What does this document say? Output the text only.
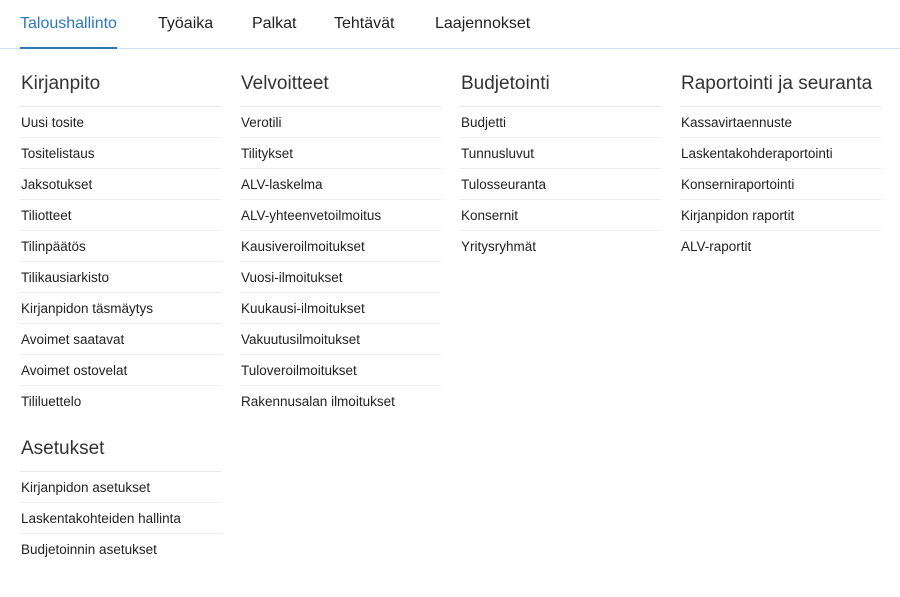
Taloushallinto	Työaika Palkat Tehtävät	Laajennokset
Kirjanpito
Uusi tosite
Tositelistaus
Jaksotukset
Tiliotteet
Tilinpäätös
Tilikausiarkisto
Kirjanpidon täsmäytys
Avoimet saatavat
Avoimet ostovelat
Tililuettelo
Asetukset
Kirjanpidon asetukset
Laskentakohteiden hallinta
Budjetoinnin asetukset
Velvoitteet
Verotili
Tilitykset
ALV-laskelma
ALV-yhteenvetoilmoitus
Kausiveroilmoitukset
Vuosi-ilmoitukset
Kuukausi-ilmoitukset
Vakuutusilmoitukset
Tuloveroilmoitukset
Rakennusalan ilmoitukset
Budjetointi
Budjetti
Tunnusluvut
Tulosseuranta
Konsernit
Yritysryhmät
Raportointi ja seuranta
Kassavirtaennuste
Laskentakohderaportointi
Konserniraportointi
Kirjanpidon raportit
ALV-raportit
